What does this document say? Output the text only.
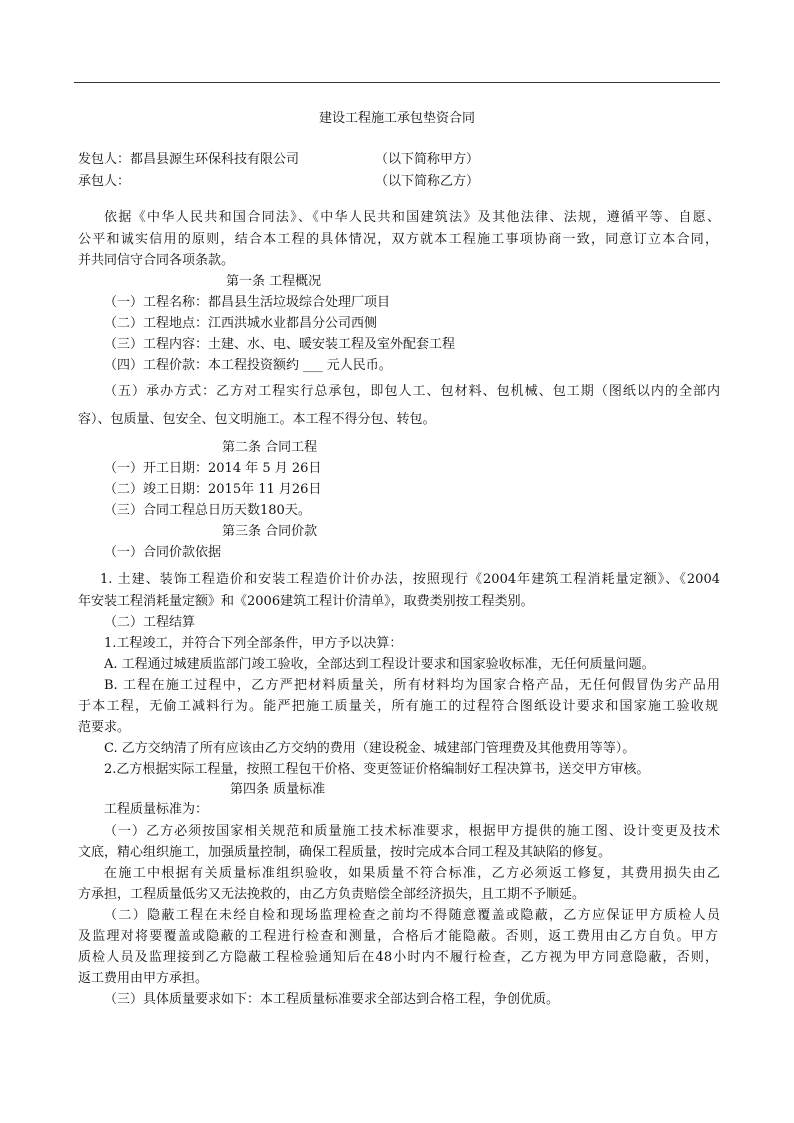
建设工程施工承包垫资合同
发包人：都昌县源生环保科技有限公司	（以下简称甲方）
承包人：	（以下简称乙方）
依据《中华人民共和国合同法》、《中华人民共和国建筑法》及其他法律、法规，遵循平等、自愿、
公平和诚实信用的原则，结合本工程的具体情况，双方就本工程施工事项协商一致，同意订立本合同，
并共同信守合同各项条款。
第一条 工程概况
（一）工程名称：都昌县生活垃圾综合处理厂项目
（二）工程地点：江西洪城水业都昌分公司西侧
（三）工程内容：土建、水、电、暖安装工程及室外配套工程
（四）工程价款：本工程投资额约 ___ 元人民币。
（五）承办方式：乙方对工程实行总承包，即包人工、包材料、包机械、包工期（图纸以内的全部内
容）、包质量、包安全、包文明施工。本工程不得分包、转包。
第二条 合同工程
（一）开工日期：2014 年 5 月 26日
（二）竣工日期：2015年 11 月26日
（三）合同工程总日历天数180天。
第三条 合同价款
（一）合同价款依据
1. 土建、装饰工程造价和安装工程造价计价办法，按照现行《2004年建筑工程消耗量定额》、《2004
年安装工程消耗量定额》和《2006建筑工程计价清单》，取费类别按工程类别。
（二）工程结算
1.工程竣工，并符合下列全部条件，甲方予以决算：
A. 工程通过城建质监部门竣工验收，全部达到工程设计要求和国家验收标准，无任何质量问题。
B. 工程在施工过程中，乙方严把材料质量关，所有材料均为国家合格产品，无任何假冒伪劣产品用
于本工程，无偷工减料行为。能严把施工质量关，所有施工的过程符合图纸设计要求和国家施工验收规
范要求。
C. 乙方交纳清了所有应该由乙方交纳的费用（建设税金、城建部门管理费及其他费用等等）。
2.乙方根据实际工程量，按照工程包干价格、变更签证价格编制好工程决算书，送交甲方审核。
第四条 质量标准
工程质量标准为：
（一）乙方必须按国家相关规范和质量施工技术标准要求，根据甲方提供的施工图、设计变更及技术
文底，精心组织施工，加强质量控制，确保工程质量，按时完成本合同工程及其缺陷的修复。
在施工中根据有关质量标准组织验收，如果质量不符合标准，乙方必须返工修复，其费用损失由乙
方承担，工程质量低劣又无法挽救的，由乙方负责赔偿全部经济损失，且工期不予顺延。
（二）隐蔽工程在未经自检和现场监理检查之前均不得随意覆盖或隐蔽，乙方应保证甲方质检人员
及监理对将要覆盖或隐蔽的工程进行检查和测量，合格后才能隐蔽。否则，返工费用由乙方自负。甲方
质检人员及监理接到乙方隐蔽工程检验通知后在48小时内不履行检查，乙方视为甲方同意隐蔽，否则，
返工费用由甲方承担。
（三）具体质量要求如下：本工程质量标准要求全部达到合格工程，争创优质。
